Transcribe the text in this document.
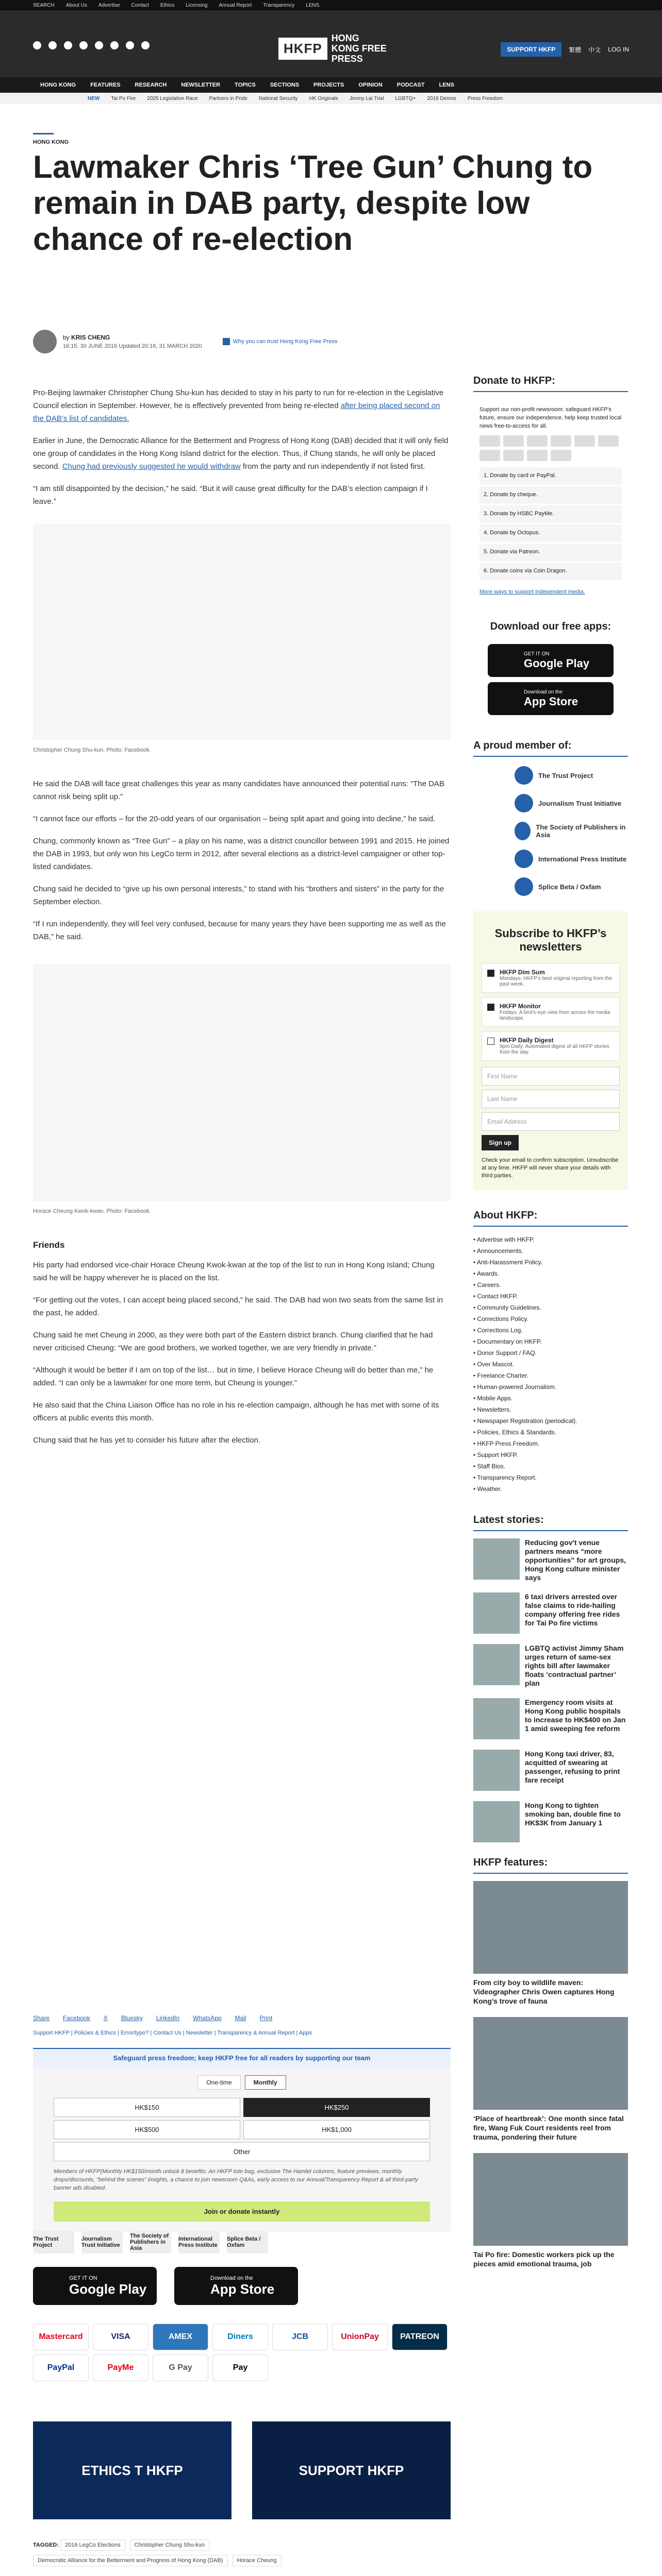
SEARCH About Us Advertise Contact Ethics Licensing Annual Report Transparency LENS
HKFP
HONG KONG FREE PRESS
SUPPORT HKFP	繁體 中文 LOG IN
HONG KONG	FEATURES	RESEARCH	NEWSLETTER	TOPICS	SECTIONS	PROJECTS	OPINION	PODCAST	LENS
NEW Tai Po Fire 2025 Legislative Race Partners in Pride National Security HK Originals Jimmy Lai Trial LGBTQ+ 2019 Demos Press Freedom
HONG KONG
Lawmaker Chris ‘Tree Gun’ Chung to remain in DAB party, despite low chance of re-election
by KRIS CHENG
16:15, 30 JUNE 2016 Updated 20:16, 31 MARCH 2020
Why you can trust Hong Kong Free Press

Pro-Beijing lawmaker Christopher Chung Shu-kun has decided to stay in his party to run for re-election in the Legislative Council election in September. However, he is effectively prevented from being re-elected after being placed second on the DAB’s list of candidates.

Earlier in June, the Democratic Alliance for the Betterment and Progress of Hong Kong (DAB) decided that it will only field one group of candidates in the Hong Kong Island district for the election. Thus, if Chung stands, he will only be placed second. Chung had previously suggested he would withdraw from the party and run independently if not listed first.

“I am still disappointed by the decision,” he said. “But it will cause great difficulty for the DAB’s election campaign if I leave.”

Christopher Chung Shu-kun. Photo: Facebook.

He said the DAB will face great challenges this year as many candidates have announced their potential runs: “The DAB cannot risk being split up.”

“I cannot face our efforts – for the 20-odd years of our organisation – being split apart and going into decline,” he said.

Chung, commonly known as “Tree Gun” – a play on his name, was a district councillor between 1991 and 2015. He joined the DAB in 1993, but only won his LegCo term in 2012, after several elections as a district-level campaigner or other top-listed candidates.

Chung said he decided to “give up his own personal interests,” to stand with his “brothers and sisters” in the party for the September election.

“If I run independently, they will feel very confused, because for many years they have been supporting me as well as the DAB,” he said.

Horace Cheung Kwok-kwan. Photo: Facebook.
Friends

His party had endorsed vice-chair Horace Cheung Kwok-kwan at the top of the list to run in Hong Kong Island; Chung said he will be happy wherever he is placed on the list.

“For getting out the votes, I can accept being placed second,” he said. The DAB had won two seats from the same list in the past, he added.

Chung said he met Cheung in 2000, as they were both part of the Eastern district branch. Chung clarified that he had never criticised Cheung: “We are good brothers, we worked together, we are very friendly in private.”

“Although it would be better if I am on top of the list… but in time, I believe Horace Cheung will do better than me,” he added. “I can only be a lawmaker for one more term, but Cheung is younger.”

He also said that the China Liaison Office has no role in his re-election campaign, although he has met with some of its officers at public events this month.

Chung said that he has yet to consider his future after the election.

Share Facebook X Bluesky LinkedIn WhatsApp Mail Print
Support HKFP | Policies & Ethics | Error/typo? | Contact Us | Newsletter | Transparency & Annual Report | Apps
Safeguard press freedom; keep HKFP free for all readers by supporting our team
One-time	Monthly
HK$150	HK$250
HK$500	HK$1,000
Other
Members of HKFP(Monthly HK$150/month unlock 8 benefits: An HKFP tote bag, exclusive The Hamlet columns, feature previews, monthly drops/discounts, “behind the scenes” insights, a chance to join newsroom Q&As, early access to our Annual/Transparency Report & all third-party banner ads disabled.
Join or donate instantly
The Trust Project
Journalism Trust Initiative
The Society of Publishers in Asia
International Press Institute
Splice Beta / Oxfam
GET IT ON
Google Play
Download on the
App Store
Mastercard	VISA	AMEX	Diners	JCB	UnionPay	PATREON
PayPal	PayMe	G Pay	Pay
ETHICS T HKFP	SUPPORT HKFP
TAGGED: 2016 LegCo Elections Christopher Chung Shu-kun
Democratic Alliance for the Betterment and Progress of Hong Kong (DAB) Horace Cheung
Donate to HKFP:
Support our non-profit newsroom: safeguard HKFP’s future, ensure our independence, help keep trusted local news free-to-access for all.
1. Donate by card or PayPal.
2. Donate by cheque.
3. Donate by HSBC PayMe.
4. Donate by Octopus.
5. Donate via Patreon.
6. Donate coins via Coin Dragon.
More ways to support independent media.
Download our free apps:
GET IT ON
Google Play
Download on the
App Store
A proud member of:
The Trust Project
Journalism Trust Initiative
The Society of Publishers in Asia
International Press Institute
Splice Beta / Oxfam
Subscribe to HKFP’s newsletters
HKFP Dim Sum
Mondays: HKFP’s best original reporting from the past week.
HKFP Monitor
Fridays: A bird’s-eye view from across the media landscape.
HKFP Daily Digest
9pm Daily: Automated digest of all HKFP stories from the day.
First Name
Last Name
Email Address
Sign up
Check your email to confirm subscription. Unsubscribe at any time. HKFP will never share your details with third parties.
About HKFP:
• Advertise with HKFP.
• Announcements.
• Anti-Harassment Policy.
• Awards.
• Careers.
• Contact HKFP.
• Community Guidelines.
• Corrections Policy.
• Corrections Log.
• Documentary on HKFP.
• Donor Support / FAQ.
• Over Mascot.
• Freelance Charter.
• Human-powered Journalism.
• Mobile Apps.
• Newsletters.
• Newspaper Registration (periodical).
• Policies, Ethics & Standards.
• HKFP Press Freedom.
• Support HKFP.
• Staff Bios.
• Transparency Report.
• Weather.
Latest stories:
Reducing gov't venue partners means “more opportunities” for art groups, Hong Kong culture minister says
6 taxi drivers arrested over false claims to ride-hailing company offering free rides for Tai Po fire victims
LGBTQ activist Jimmy Sham urges return of same-sex rights bill after lawmaker floats ‘contractual partner’ plan
Emergency room visits at Hong Kong public hospitals to increase to HK$400 on Jan 1 amid sweeping fee reform
Hong Kong taxi driver, 83, acquitted of swearing at passenger, refusing to print fare receipt
Hong Kong to tighten smoking ban, double fine to HK$3K from January 1
HKFP features:
From city boy to wildlife maven: Videographer Chris Owen captures Hong Kong’s trove of fauna
‘Place of heartbreak’: One month since fatal fire, Wang Fuk Court residents reel from trauma, pondering their future
Tai Po fire: Domestic workers pick up the pieces amid emotional trauma, job
